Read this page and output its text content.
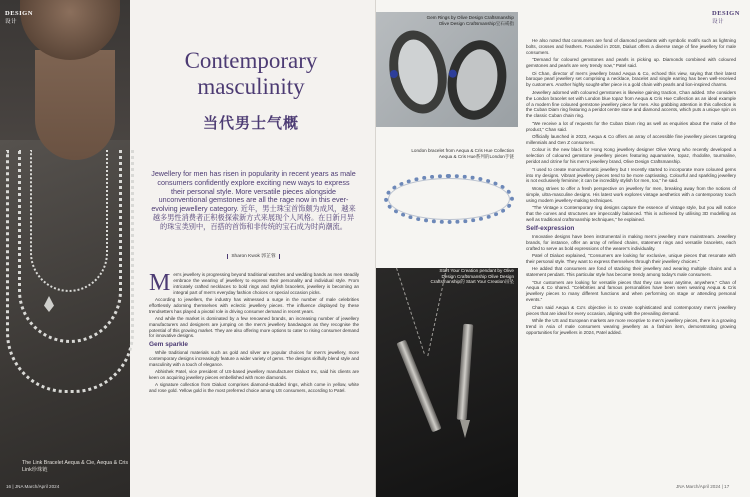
DESIGN
设计
The Link Bracelet Aequa & Cie, Aequa & Cris Link珍珠链
16 | JNA March/April 2024
Contemporary masculinity
当代男士气概
Jewellery for men has risen in popularity in recent years as male consumers confidently explore exciting new ways to express their personal style. More versatile pieces alongside unconventional gemstones are all the rage now in this ever-evolving jewellery category. 近年，男士珠宝首饰颇为成风，越来越多男性消费者正积极探索新方式来展现个人风格。在日新月异的珠宝类别中，百搭的首饰和非传统的宝石成为时尚潮流。
Sharon Kwok 郭芷蓉

Men's jewellery is progressing beyond traditional watches and wedding bands as men steadily embrace the wearing of jewellery to express their personality and individual style. From intricately crafted necklaces to bold rings and stylish bracelets, jewellery is becoming an integral part of men's everyday fashion choices or special occasion picks.

According to jewellers, the industry has witnessed a surge in the number of male celebrities effortlessly adorning themselves with eclectic jewellery pieces. The influence displayed by these trendsetters has played a pivotal role in driving consumer demand in recent years.

And while the market is dominated by a few renowned brands, an increasing number of jewellery manufacturers and designers are jumping on the men's jewellery bandwagon as they recognise the potential of this growing market. They are also offering more options to cater to rising consumer demand for innovative designs.

Gem sparkle

While traditional materials such as gold and silver are popular choices for men's jewellery, more contemporary designs increasingly feature a wider variety of gems. The designs skilfully blend style and masculinity with a touch of elegance.

Abhishek Patel, vice president of US-based jewellery manufacturer Dialuxt Inc, said his clients are keen on acquiring jewellery pieces embellished with more diamonds.

A signature collection from Dialuxt comprises diamond-studded rings, which come in yellow, white and rose gold. Yellow gold is the most preferred choice among US consumers, according to Patel.

Gem Rings by Olive Design Craftsmanship Olive Design Craftsmanship宝石戒指
London bracelet from Aequa & Cris Hue Collection Aequa & Cris Hue系列的London手链
Start Your Creation pendant by Olive Design Craftsmanship Olive Design Craftsmanship的 Start Your Creation吊坠
DESIGN
设计

He also noted that consumers are fond of diamond pendants with symbolic motifs such as lightning bolts, crosses and feathers. Founded in 2018, Dialuxt offers a diverse range of fine jewellery for male consumers.

"Demand for coloured gemstones and pearls is picking up. Diamonds combined with coloured gemstones and pearls are very trendy now," Patel said.

Oi Chan, director of men's jewellery brand Aequa & Co, echoed this view, saying that their latest baroque pearl jewellery set comprising a necklace, bracelet and single earring has been well-received by customers. Another highly sought-after piece is a gold chain with pearls and lion-inspired charms.

Jewellery adorned with coloured gemstones is likewise gaining traction, Chan added. She considers the London bracelet set with London blue topaz from Aequa & Cris Hue Collection as an ideal example of a modern fine coloured gemstone jewellery piece for men. Also grabbing attention in this collection is the Cuban Diam ring featuring a peridot centre stone and diamond accents, which puts a unique spin on the classic Cuban chain ring.

"We receive a lot of requests for the Cuban Diam ring as well as enquiries about the make of the product," Chan said.

Officially launched in 2023, Aequa & Co offers an array of accessible fine jewellery pieces targeting millennials and Gen Z consumers.

Colour is the new black for Hong Kong jewellery designer Olive Wong who recently developed a selection of coloured gemstone jewellery pieces featuring aquamarine, topaz, rhodolite, tourmaline, peridot and citrine for his men's jewellery brand, Olive Design Craftsmanship.

"I used to create monochromatic jewellery but I recently started to incorporate more coloured gems into my designs. Vibrant jewellery pieces tend to be more captivating. Colourful and sparkling jewellery is not exclusively feminine; it can be incredibly stylish for men, too," he said.

Wong strives to offer a fresh perspective on jewellery for men, breaking away from the notions of simple, ultra-masculine designs. His latest work explores vintage aesthetics with a contemporary touch using modern jewellery-making techniques.

"The Vintage x Contemporary ring designs capture the essence of vintage style, but you will notice that the curves and structures are impeccably balanced. This is achieved by utilising 3D modelling as well as traditional craftsmanship techniques," he explained.

Self-expression

Innovative designs have been instrumental in making men's jewellery more mainstream. Jewellery brands, for instance, offer an array of refined chains, statement rings and versatile bracelets, each crafted to serve as bold expressions of the wearer's individuality.

Patel of Dialuxt explained, "Consumers are looking for exclusive, unique pieces that resonate with their personal style. They want to express themselves through their jewellery choices."

He added that consumers are fond of stacking their jewellery and wearing multiple chains and a statement pendant. This particular style has become trendy among today's male consumers.

"Our customers are looking for versatile pieces that they can wear anytime, anywhere," Chan of Aequa & Co shared. "Celebrities and famous personalities have been seen wearing Aequa & Cris jewellery pieces to many different functions and when performing on stage or attending personal events."

Chan said Aequa & Co's objective is to create sophisticated and contemporary men's jewellery pieces that are ideal for every occasion, aligning with the prevailing demand.

While the US and European markets are more receptive to men's jewellery pieces, there is a growing trend in Asia of male consumers wearing jewellery as a fashion item, demonstrating growing opportunities for jewellers in 2024, Patel added.

JNA March/April 2024 | 17
